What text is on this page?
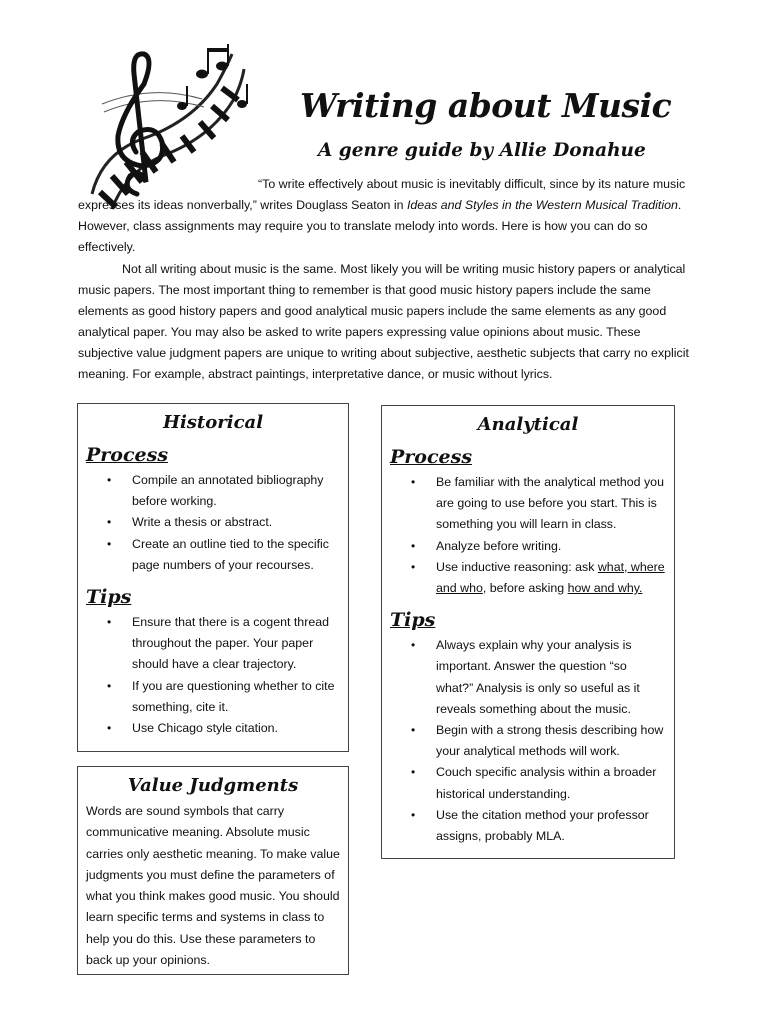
Writing about Music
A genre guide by Allie Donahue
“To write effectively about music is inevitably difficult, since by its nature music expresses its ideas nonverbally,” writes Douglass Seaton in Ideas and Styles in the Western Musical Tradition. However, class assignments may require you to translate melody into words. Here is how you can do so effectively.
Not all writing about music is the same. Most likely you will be writing music history papers or analytical music papers. The most important thing to remember is that good music history papers include the same elements as good history papers and good analytical music papers include the same elements as any good analytical paper. You may also be asked to write papers expressing value opinions about music. These subjective value judgment papers are unique to writing about subjective, aesthetic subjects that carry no explicit meaning. For example, abstract paintings, interpretative dance, or music without lyrics.
Historical
Process
• Compile an annotated bibliography before working.
• Write a thesis or abstract.
• Create an outline tied to the specific page numbers of your recourses.
Tips
• Ensure that there is a cogent thread throughout the paper. Your paper should have a clear trajectory.
• If you are questioning whether to cite something, cite it.
• Use Chicago style citation.
Analytical
Process
• Be familiar with the analytical method you are going to use before you start. This is something you will learn in class.
• Analyze before writing.
• Use inductive reasoning: ask what, where and who, before asking how and why.
Tips
• Always explain why your analysis is important. Answer the question “so what?” Analysis is only so useful as it reveals something about the music.
• Begin with a strong thesis describing how your analytical methods will work.
• Couch specific analysis within a broader historical understanding.
• Use the citation method your professor assigns, probably MLA.
Value Judgments
Words are sound symbols that carry communicative meaning. Absolute music carries only aesthetic meaning. To make value judgments you must define the parameters of what you think makes good music. You should learn specific terms and systems in class to help you do this. Use these parameters to back up your opinions.
